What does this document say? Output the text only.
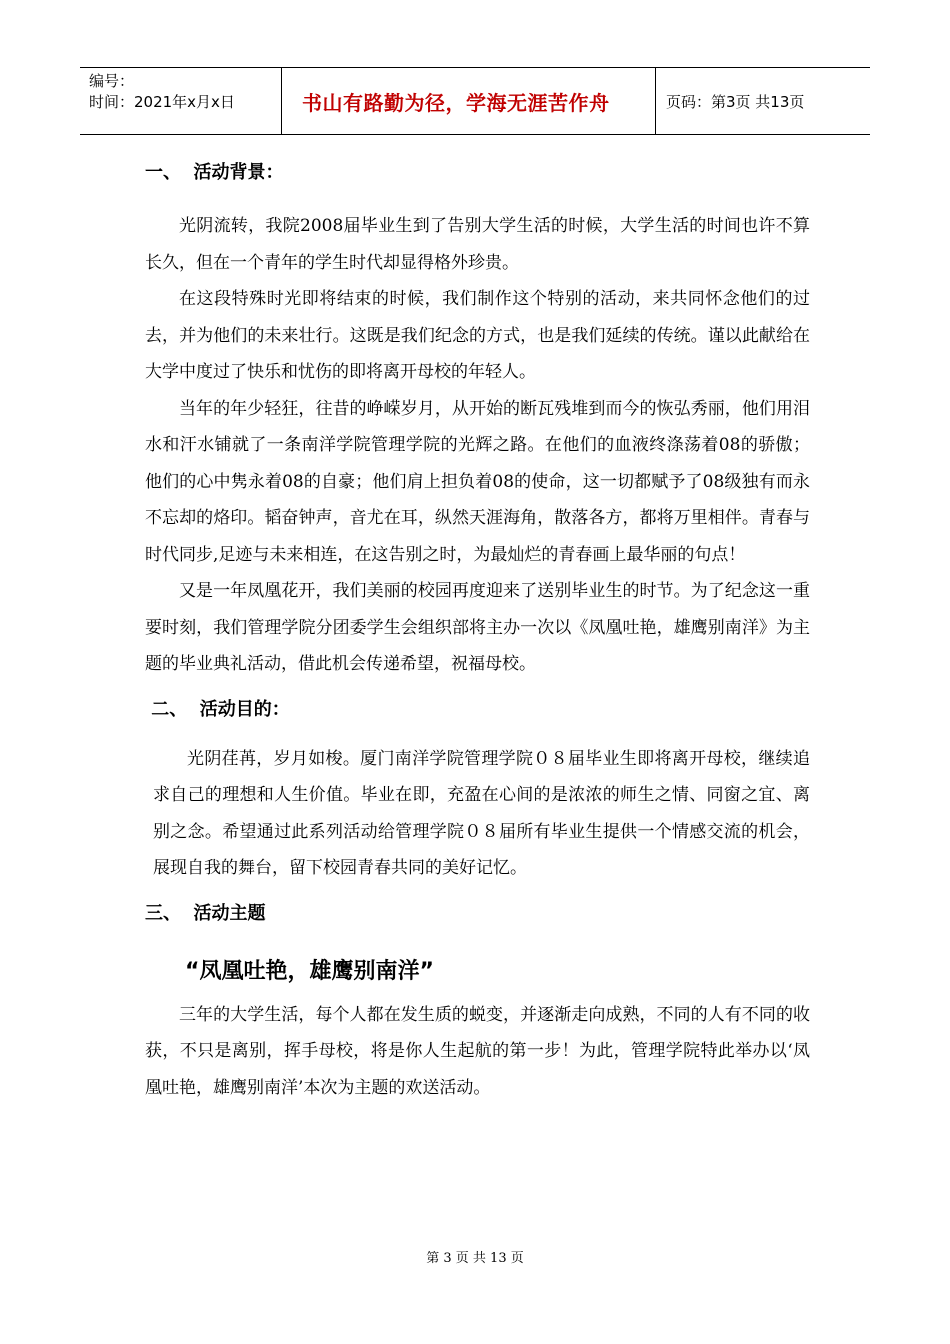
编号：
时间：2021年x月x日	书山有路勤为径，学海无涯苦作舟	页码：第3页 共13页
一、  活动背景：

光阴流转，我院2008届毕业生到了告别大学生活的时候，大学生活的时间也许不算长久，但在一个青年的学生时代却显得格外珍贵。

在这段特殊时光即将结束的时候，我们制作这个特别的活动，来共同怀念他们的过去，并为他们的未来壮行。这既是我们纪念的方式，也是我们延续的传统。谨以此献给在大学中度过了快乐和忧伤的即将离开母校的年轻人。

当年的年少轻狂，往昔的峥嵘岁月，从开始的断瓦残堆到而今的恢弘秀丽，他们用泪水和汗水铺就了一条南洋学院管理学院的光辉之路。在他们的血液终涤荡着08的骄傲；他们的心中隽永着08的自豪；他们肩上担负着08的使命，这一切都赋予了08级独有而永不忘却的烙印。韬奋钟声，音尤在耳，纵然天涯海角，散落各方，都将万里相伴。青春与时代同步,足迹与未来相连，在这告别之时，为最灿烂的青春画上最华丽的句点！

又是一年凤凰花开，我们美丽的校园再度迎来了送别毕业生的时节。为了纪念这一重要时刻，我们管理学院分团委学生会组织部将主办一次以《凤凰吐艳，雄鹰别南洋》为主题的毕业典礼活动，借此机会传递希望，祝福母校。

二、  活动目的：

光阴荏苒，岁月如梭。厦门南洋学院管理学院０８届毕业生即将离开母校，继续追求自己的理想和人生价值。毕业在即，充盈在心间的是浓浓的师生之情、同窗之宜、离别之念。希望通过此系列活动给管理学院０８届所有毕业生提供一个情感交流的机会，展现自我的舞台，留下校园青春共同的美好记忆。

三、  活动主题
“凤凰吐艳，雄鹰别南洋”

三年的大学生活，每个人都在发生质的蜕变，并逐渐走向成熟，不同的人有不同的收获，不只是离别，挥手母校，将是你人生起航的第一步！为此，管理学院特此举办以‘凤凰吐艳，雄鹰别南洋’本次为主题的欢送活动。

第 3 页 共 13 页
